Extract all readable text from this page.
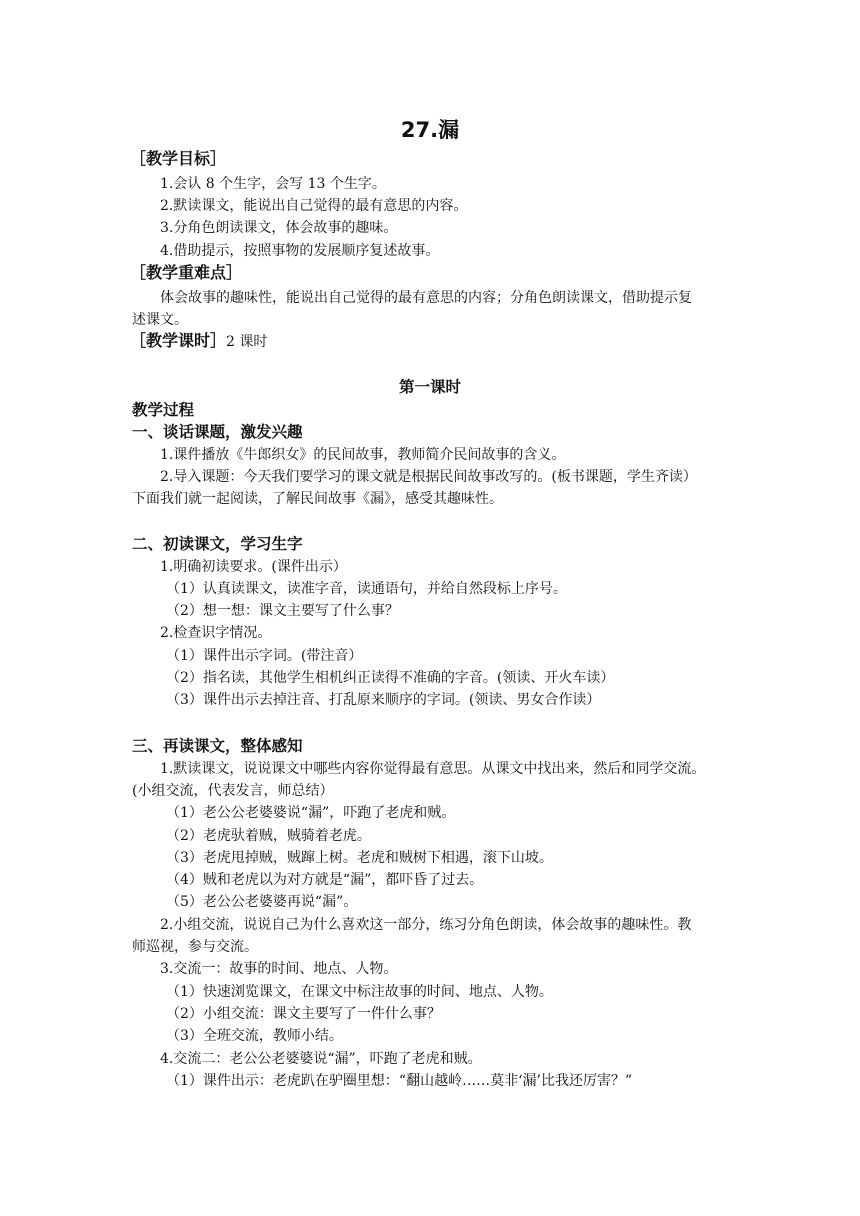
27.漏
［教学目标］
1.会认 8 个生字，会写 13 个生字。
2.默读课文，能说出自己觉得的最有意思的内容。
3.分角色朗读课文，体会故事的趣味。
4.借助提示，按照事物的发展顺序复述故事。
［教学重难点］
体会故事的趣味性，能说出自己觉得的最有意思的内容；分角色朗读课文，借助提示复
述课文。
［教学课时］2 课时
第一课时
教学过程
一、谈话课题，激发兴趣
1.课件播放《牛郎织女》的民间故事，教师简介民间故事的含义。
2.导入课题：今天我们要学习的课文就是根据民间故事改写的。(板书课题，学生齐读）
下面我们就一起阅读，了解民间故事《漏》，感受其趣味性。
二、初读课文，学习生字
1.明确初读要求。(课件出示）
（1）认真读课文，读准字音，读通语句，并给自然段标上序号。
（2）想一想：课文主要写了什么事？
2.检查识字情况。
（1）课件出示字词。(带注音）
（2）指名读，其他学生相机纠正读得不准确的字音。(领读、开火车读）
（3）课件出示去掉注音、打乱原来顺序的字词。(领读、男女合作读）
三、再读课文，整体感知
1.默读课文，说说课文中哪些内容你觉得最有意思。从课文中找出来，然后和同学交流。
(小组交流，代表发言，师总结）
（1）老公公老婆婆说“漏”，吓跑了老虎和贼。
（2）老虎驮着贼，贼骑着老虎。
（3）老虎甩掉贼，贼蹿上树。老虎和贼树下相遇，滚下山坡。
（4）贼和老虎以为对方就是“漏”，都吓昏了过去。
（5）老公公老婆婆再说“漏”。
2.小组交流，说说自己为什么喜欢这一部分，练习分角色朗读，体会故事的趣味性。教
师巡视，参与交流。
3.交流一：故事的时间、地点、人物。
（1）快速浏览课文，在课文中标注故事的时间、地点、人物。
（2）小组交流：课文主要写了一件什么事？
（3）全班交流，教师小结。
4.交流二：老公公老婆婆说“漏”，吓跑了老虎和贼。
（1）课件出示：老虎趴在驴圈里想：“翻山越岭……莫非‘漏’比我还厉害？”
